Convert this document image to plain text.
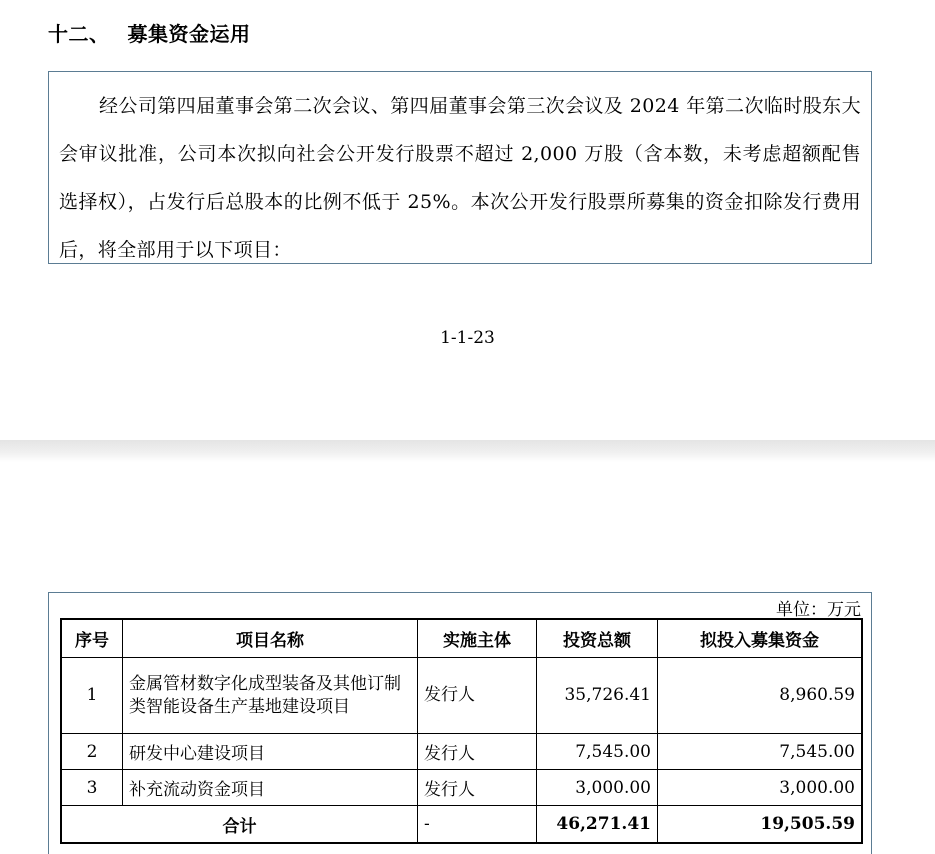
十二、 募集资金运用

经公司第四届董事会第二次会议、第四届董事会第三次会议及 2024 年第二次临时股东大会审议批准，公司本次拟向社会公开发行股票不超过 2,000 万股（含本数，未考虑超额配售选择权），占发行后总股本的比例不低于 25%。本次公开发行股票所募集的资金扣除发行费用后，将全部用于以下项目：

1-1-23
单位：万元
序号	项目名称	实施主体	投资总额	拟投入募集资金
1	金属管材数字化成型装备及其他订制类智能设备生产基地建设项目	发行人	35,726.41	8,960.59
2	研发中心建设项目	发行人	7,545.00	7,545.00
3	补充流动资金项目	发行人	3,000.00	3,000.00
合计		-	46,271.41	19,505.59
